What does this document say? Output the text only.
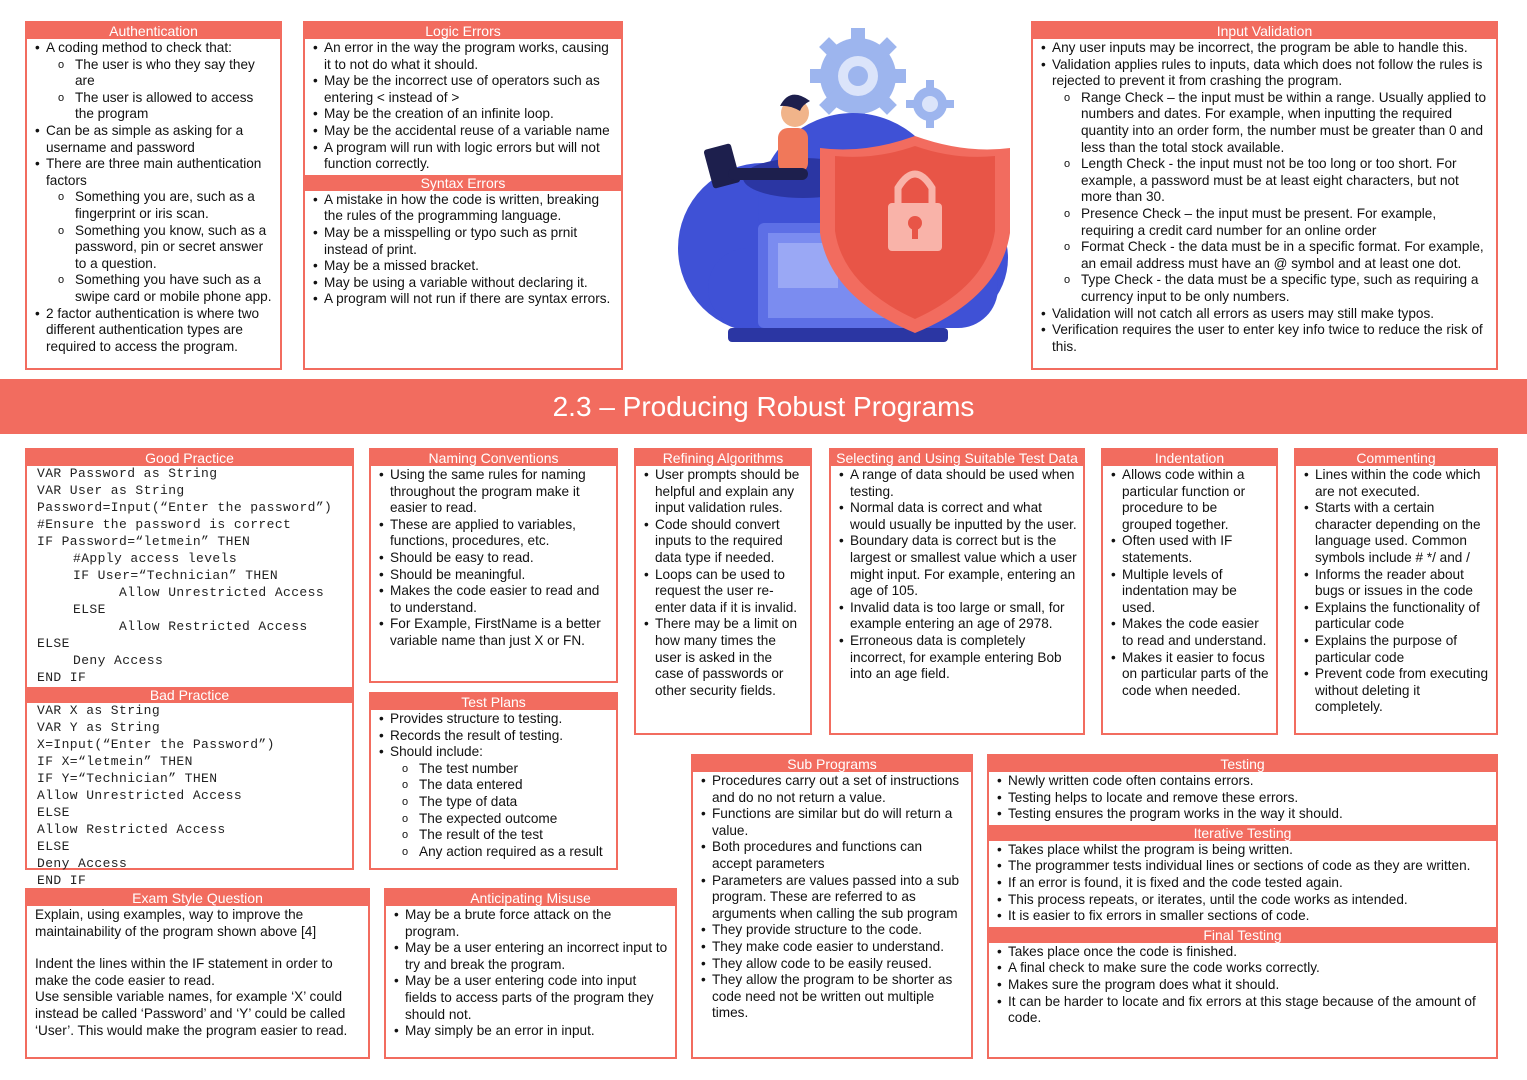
Authentication
• A coding method to check that:
o The user is who they say they are
o The user is allowed to access the program
• Can be as simple as asking for a username and password
• There are three main authentication factors
o Something you are, such as a fingerprint or iris scan.
o Something you know, such as a password, pin or secret answer to a question.
o Something you have such as a swipe card or mobile phone app.
• 2 factor authentication is where two different authentication types are required to access the program.
Logic Errors
• An error in the way the program works, causing it to not do what it should.
• May be the incorrect use of operators such as entering < instead of >
• May be the creation of an infinite loop.
• May be the accidental reuse of a variable name
• A program will run with logic errors but will not function correctly.
Syntax Errors
• A mistake in how the code is written, breaking the rules of the programming language.
• May be a misspelling or typo such as prnit instead of print.
• May be a missed bracket.
• May be using a variable without declaring it.
• A program will not run if there are syntax errors.
Input Validation
• Any user inputs may be incorrect, the program be able to handle this.
• Validation applies rules to inputs, data which does not follow the rules is rejected to prevent it from crashing the program.
o Range Check – the input must be within a range. Usually applied to numbers and dates. For example, when inputting the required quantity into an order form, the number must be greater than 0 and less than the total stock available.
o Length Check - the input must not be too long or too short. For example, a password must be at least eight characters, but not more than 30.
o Presence Check – the input must be present. For example, requiring a credit card number for an online order
o Format Check - the data must be in a specific format. For example, an email address must have an @ symbol and at least one dot.
o Type Check - the data must be a specific type, such as requiring a currency input to be only numbers.
• Validation will not catch all errors as users may still make typos.
• Verification requires the user to enter key info twice to reduce the risk of this.
2.3 – Producing Robust Programs
Good Practice
VAR Password as String
VAR User as String
Password=Input(“Enter the password”)
#Ensure the password is correct
IF Password=“letmein” THEN
#Apply access levels
IF User=“Technician” THEN
Allow Unrestricted Access
ELSE
Allow Restricted Access
ELSE
Deny Access
END IF
Bad Practice
VAR X as String
VAR Y as String
X=Input(“Enter the Password”)
IF X=“letmein” THEN
IF Y=“Technician” THEN
Allow Unrestricted Access
ELSE
Allow Restricted Access
ELSE
Deny Access
END IF
Naming Conventions
• Using the same rules for naming throughout the program make it easier to read.
• These are applied to variables, functions, procedures, etc.
• Should be easy to read.
• Should be meaningful.
• Makes the code easier to read and to understand.
• For Example, FirstName is a better variable name than just X or FN.
Test Plans
• Provides structure to testing.
• Records the result of testing.
• Should include:
o The test number
o The data entered
o The type of data
o The expected outcome
o The result of the test
o Any action required as a result
Refining Algorithms
• User prompts should be helpful and explain any input validation rules.
• Code should convert inputs to the required data type if needed.
• Loops can be used to request the user re-enter data if it is invalid.
• There may be a limit on how many times the user is asked in the case of passwords or other security fields.
Selecting and Using Suitable Test Data
• A range of data should be used when testing.
• Normal data is correct and what would usually be inputted by the user.
• Boundary data is correct but is the largest or smallest value which a user might input. For example, entering an age of 105.
• Invalid data is too large or small, for example entering an age of 2978.
• Erroneous data is completely incorrect, for example entering Bob into an age field.
Indentation
• Allows code within a particular function or procedure to be grouped together.
• Often used with IF statements.
• Multiple levels of indentation may be used.
• Makes the code easier to read and understand.
• Makes it easier to focus on particular parts of the code when needed.
Commenting
• Lines within the code which are not executed.
• Starts with a certain character depending on the language used. Common symbols include # */ and /
• Informs the reader about bugs or issues in the code
• Explains the functionality of particular code
• Explains the purpose of particular code
• Prevent code from executing without deleting it completely.
Exam Style Question
Explain, using examples, way to improve the maintainability of the program shown above [4]
Indent the lines within the IF statement in order to make the code easier to read.
Use sensible variable names, for example ‘X’ could instead be called ‘Password’ and ‘Y’ could be called ‘User’. This would make the program easier to read.
Anticipating Misuse
• May be a brute force attack on the program.
• May be a user entering an incorrect input to try and break the program.
• May be a user entering code into input fields to access parts of the program they should not.
• May simply be an error in input.
Sub Programs
• Procedures carry out a set of instructions and do no not return a value.
• Functions are similar but do will return a value.
• Both procedures and functions can accept parameters
• Parameters are values passed into a sub program. These are referred to as arguments when calling the sub program
• They provide structure to the code.
• They make code easier to understand.
• They allow code to be easily reused.
• They allow the program to be shorter as code need not be written out multiple times.
Testing
• Newly written code often contains errors.
• Testing helps to locate and remove these errors.
• Testing ensures the program works in the way it should.
Iterative Testing
• Takes place whilst the program is being written.
• The programmer tests individual lines or sections of code as they are written.
• If an error is found, it is fixed and the code tested again.
• This process repeats, or iterates, until the code works as intended.
• It is easier to fix errors in smaller sections of code.
Final Testing
• Takes place once the code is finished.
• A final check to make sure the code works correctly.
• Makes sure the program does what it should.
• It can be harder to locate and fix errors at this stage because of the amount of code.
